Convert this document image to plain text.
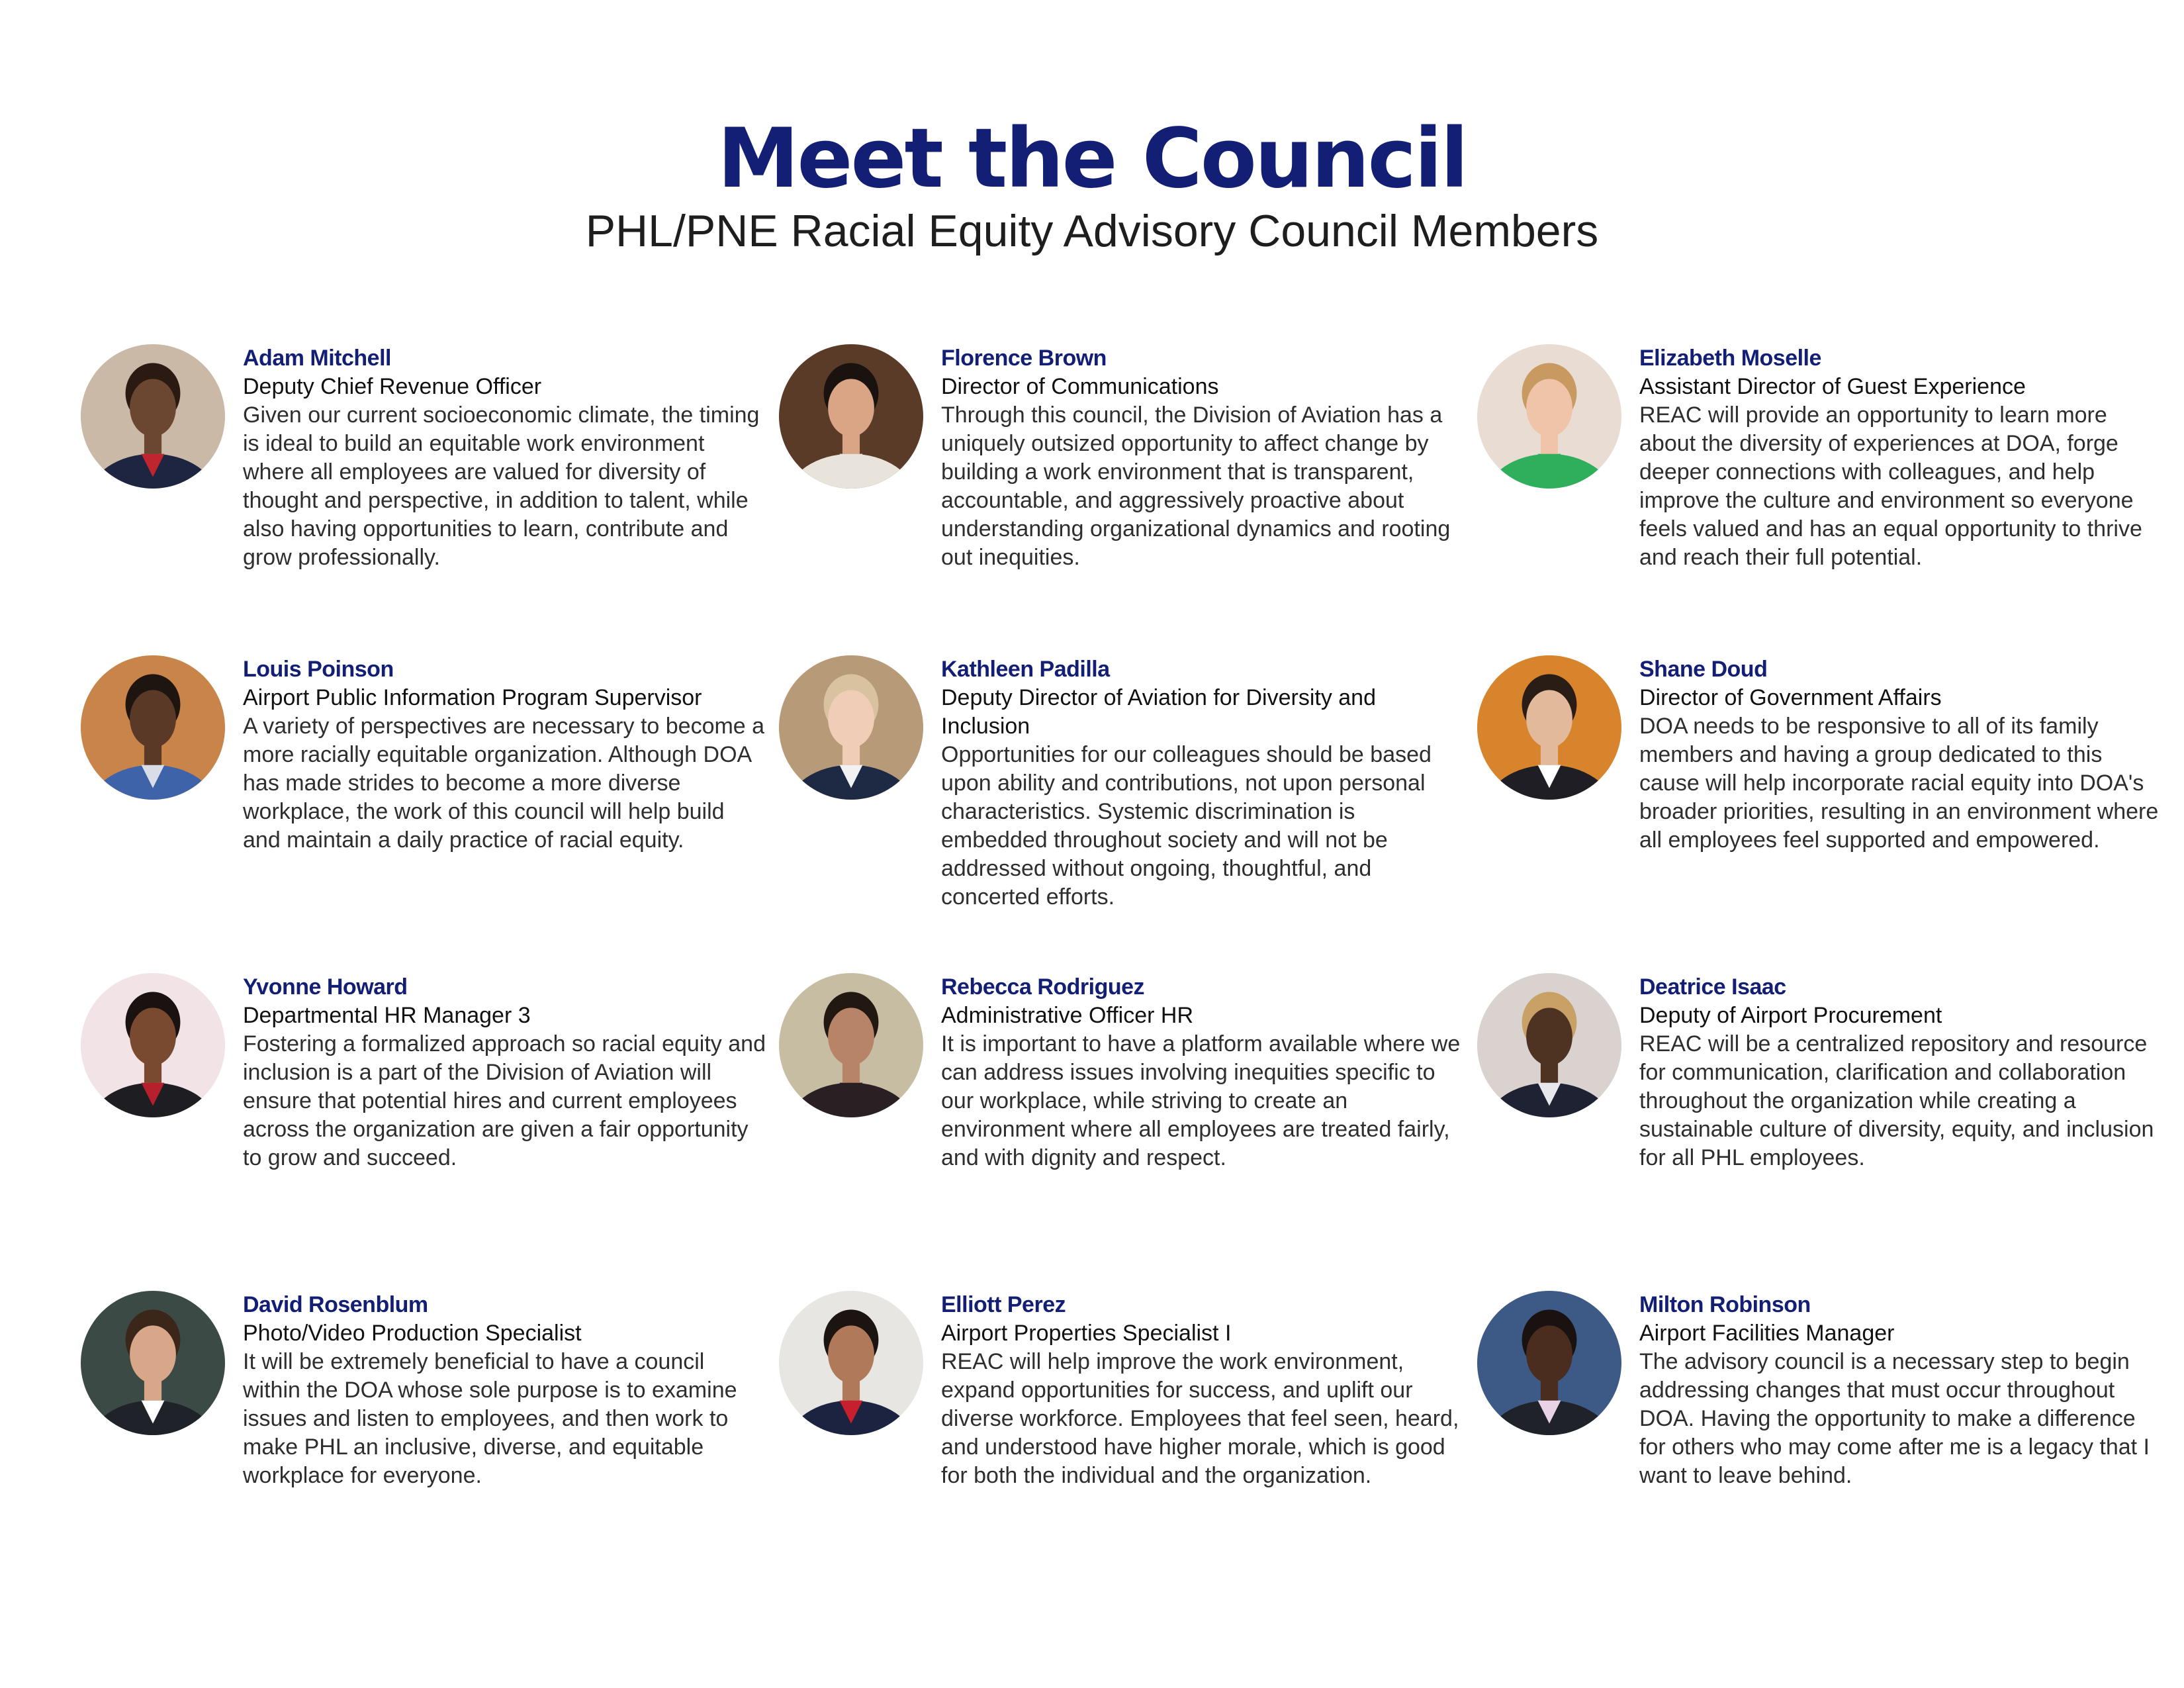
Meet the Council
PHL/PNE Racial Equity Advisory Council Members
Adam Mitchell
Deputy Chief Revenue Officer
Given our current socioeconomic climate, the timing is ideal to build an equitable work environment where all employees are valued for diversity of thought and perspective, in addition to talent, while also having opportunities to learn, contribute and grow professionally.
Florence Brown
Director of Communications
Through this council, the Division of Aviation has a uniquely outsized opportunity to affect change by building a work environment that is transparent, accountable, and aggressively proactive about understanding organizational dynamics and rooting out inequities.
Elizabeth Moselle
Assistant Director of Guest Experience
REAC will provide an opportunity to learn more about the diversity of experiences at DOA, forge deeper connections with colleagues, and help improve the culture and environment so everyone feels valued and has an equal opportunity to thrive and reach their full potential.
Louis Poinson
Airport Public Information Program Supervisor
A variety of perspectives are necessary to become a more racially equitable organization. Although DOA has made strides to become a more diverse workplace, the work of this council will help build and maintain a daily practice of racial equity.
Kathleen Padilla
Deputy Director of Aviation for Diversity and Inclusion
Opportunities for our colleagues should be based upon ability and contributions, not upon personal characteristics. Systemic discrimination is embedded throughout society and will not be addressed without ongoing, thoughtful, and concerted efforts.
Shane Doud
Director of Government Affairs
DOA needs to be responsive to all of its family members and having a group dedicated to this cause will help incorporate racial equity into DOA's broader priorities, resulting in an environment where all employees feel supported and empowered.
Yvonne Howard
Departmental HR Manager 3
Fostering a formalized approach so racial equity and inclusion is a part of the Division of Aviation will ensure that potential hires and current employees across the organization are given a fair opportunity to grow and succeed.
Rebecca Rodriguez
Administrative Officer HR
It is important to have a platform available where we can address issues involving inequities specific to our workplace, while striving to create an environment where all employees are treated fairly, and with dignity and respect.
Deatrice Isaac
Deputy of Airport Procurement
REAC will be a centralized repository and resource for communication, clarification and collaboration throughout the organization while creating a sustainable culture of diversity, equity, and inclusion for all PHL employees.
David Rosenblum
Photo/Video Production Specialist
It will be extremely beneficial to have a council within the DOA whose sole purpose is to examine issues and listen to employees, and then work to make PHL an inclusive, diverse, and equitable workplace for everyone.
Elliott Perez
Airport Properties Specialist I
REAC will help improve the work environment, expand opportunities for success, and uplift our diverse workforce. Employees that feel seen, heard, and understood have higher morale, which is good for both the individual and the organization.
Milton Robinson
Airport Facilities Manager
The advisory council is a necessary step to begin addressing changes that must occur throughout DOA. Having the opportunity to make a difference for others who may come after me is a legacy that I want to leave behind.
